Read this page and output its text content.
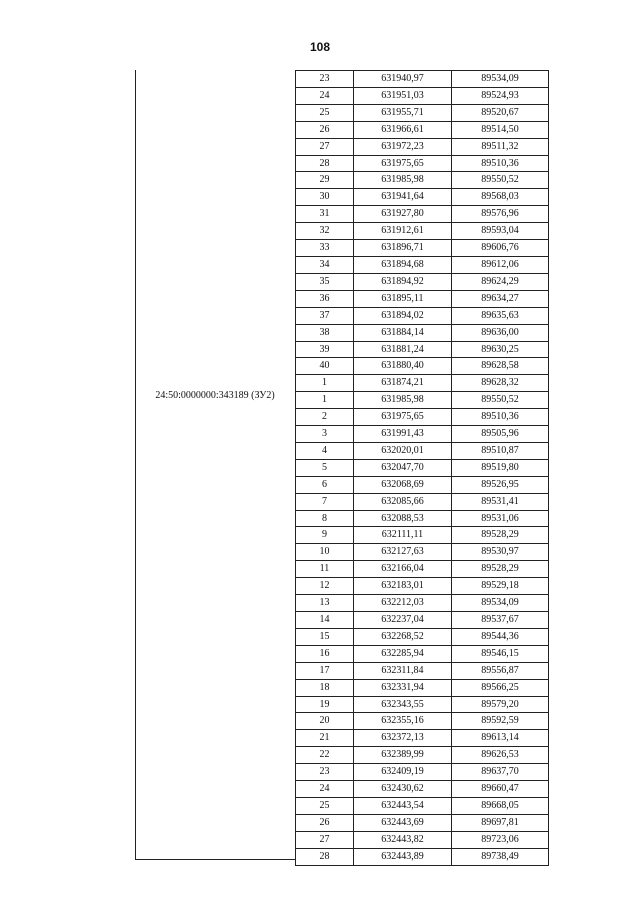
108
24:50:0000000:343189 (ЗУ2)
23	631940,97	89534,09
24	631951,03	89524,93
25	631955,71	89520,67
26	631966,61	89514,50
27	631972,23	89511,32
28	631975,65	89510,36
29	631985,98	89550,52
30	631941,64	89568,03
31	631927,80	89576,96
32	631912,61	89593,04
33	631896,71	89606,76
34	631894,68	89612,06
35	631894,92	89624,29
36	631895,11	89634,27
37	631894,02	89635,63
38	631884,14	89636,00
39	631881,24	89630,25
40	631880,40	89628,58
1	631874,21	89628,32
1	631985,98	89550,52
2	631975,65	89510,36
3	631991,43	89505,96
4	632020,01	89510,87
5	632047,70	89519,80
6	632068,69	89526,95
7	632085,66	89531,41
8	632088,53	89531,06
9	632111,11	89528,29
10	632127,63	89530,97
11	632166,04	89528,29
12	632183,01	89529,18
13	632212,03	89534,09
14	632237,04	89537,67
15	632268,52	89544,36
16	632285,94	89546,15
17	632311,84	89556,87
18	632331,94	89566,25
19	632343,55	89579,20
20	632355,16	89592,59
21	632372,13	89613,14
22	632389,99	89626,53
23	632409,19	89637,70
24	632430,62	89660,47
25	632443,54	89668,05
26	632443,69	89697,81
27	632443,82	89723,06
28	632443,89	89738,49
